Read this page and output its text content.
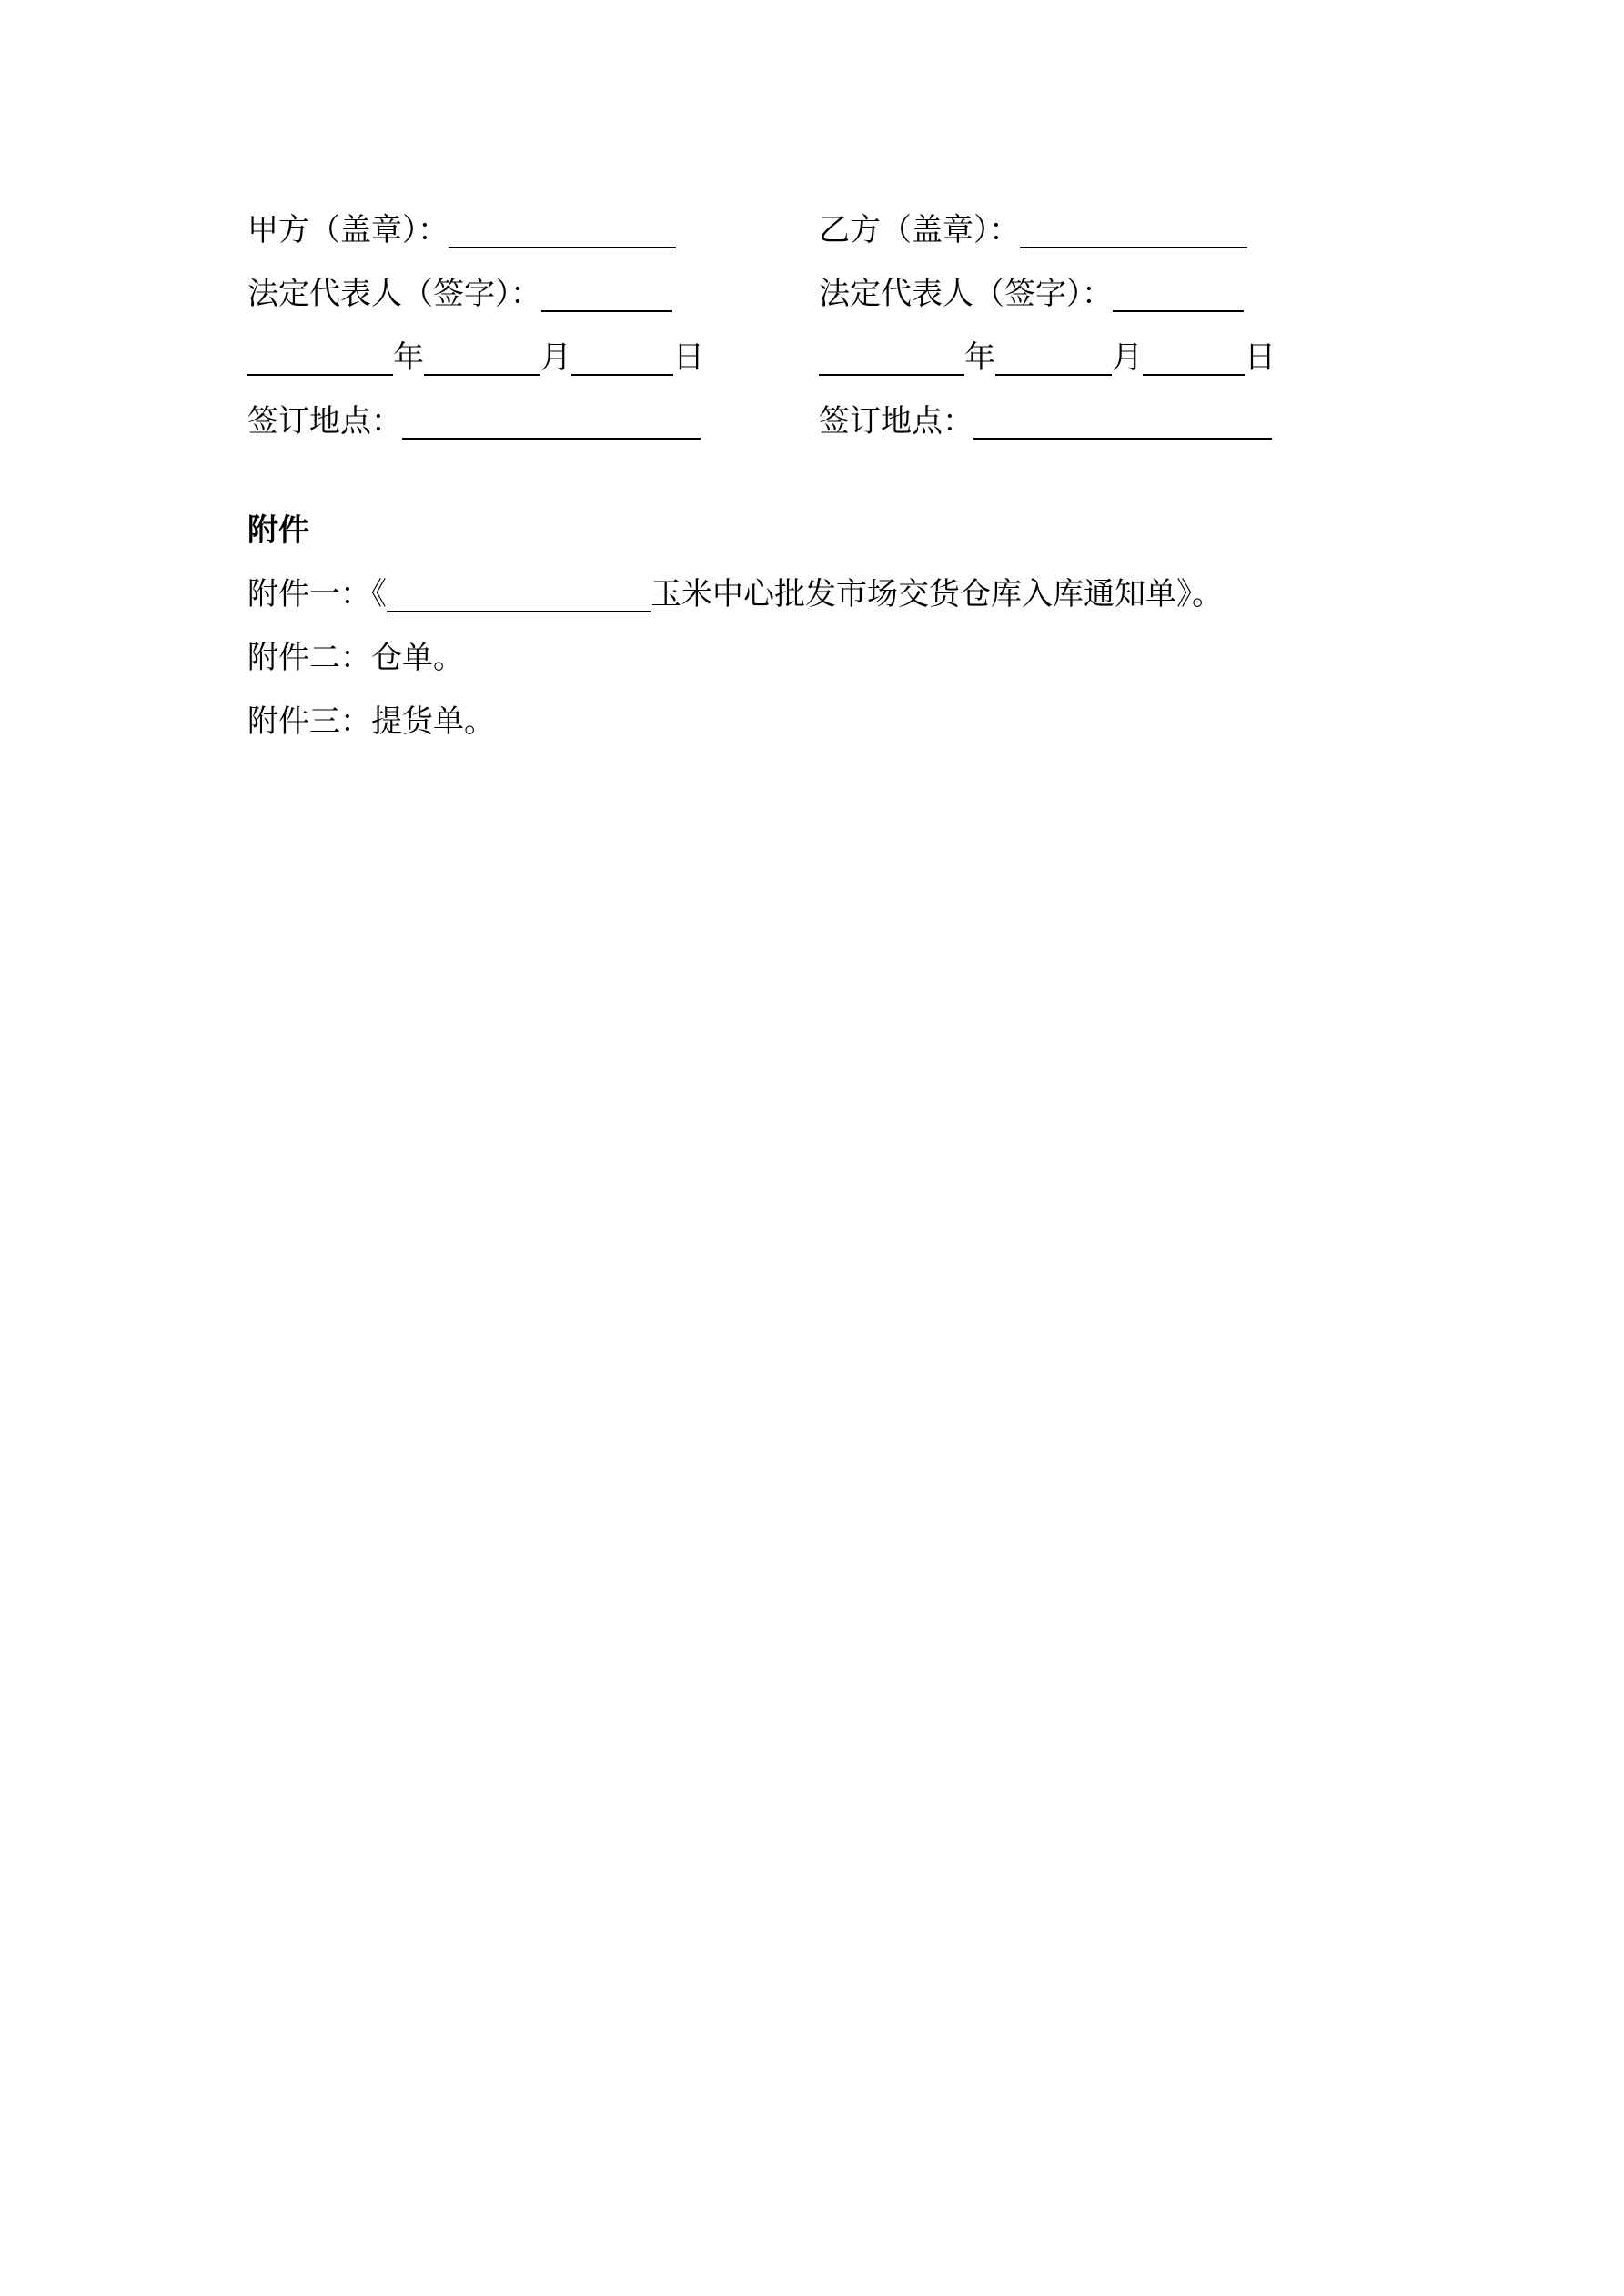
甲方（盖章）：
法定代表人（签字）：
年	月	日
签订地点：
乙方（盖章）：
法定代表人（签字）：
年	月	日
签订地点：
附件
附件一：《	玉米中心批发市场交货仓库入库通知单》。
附件二：仓单。
附件三：提货单。
